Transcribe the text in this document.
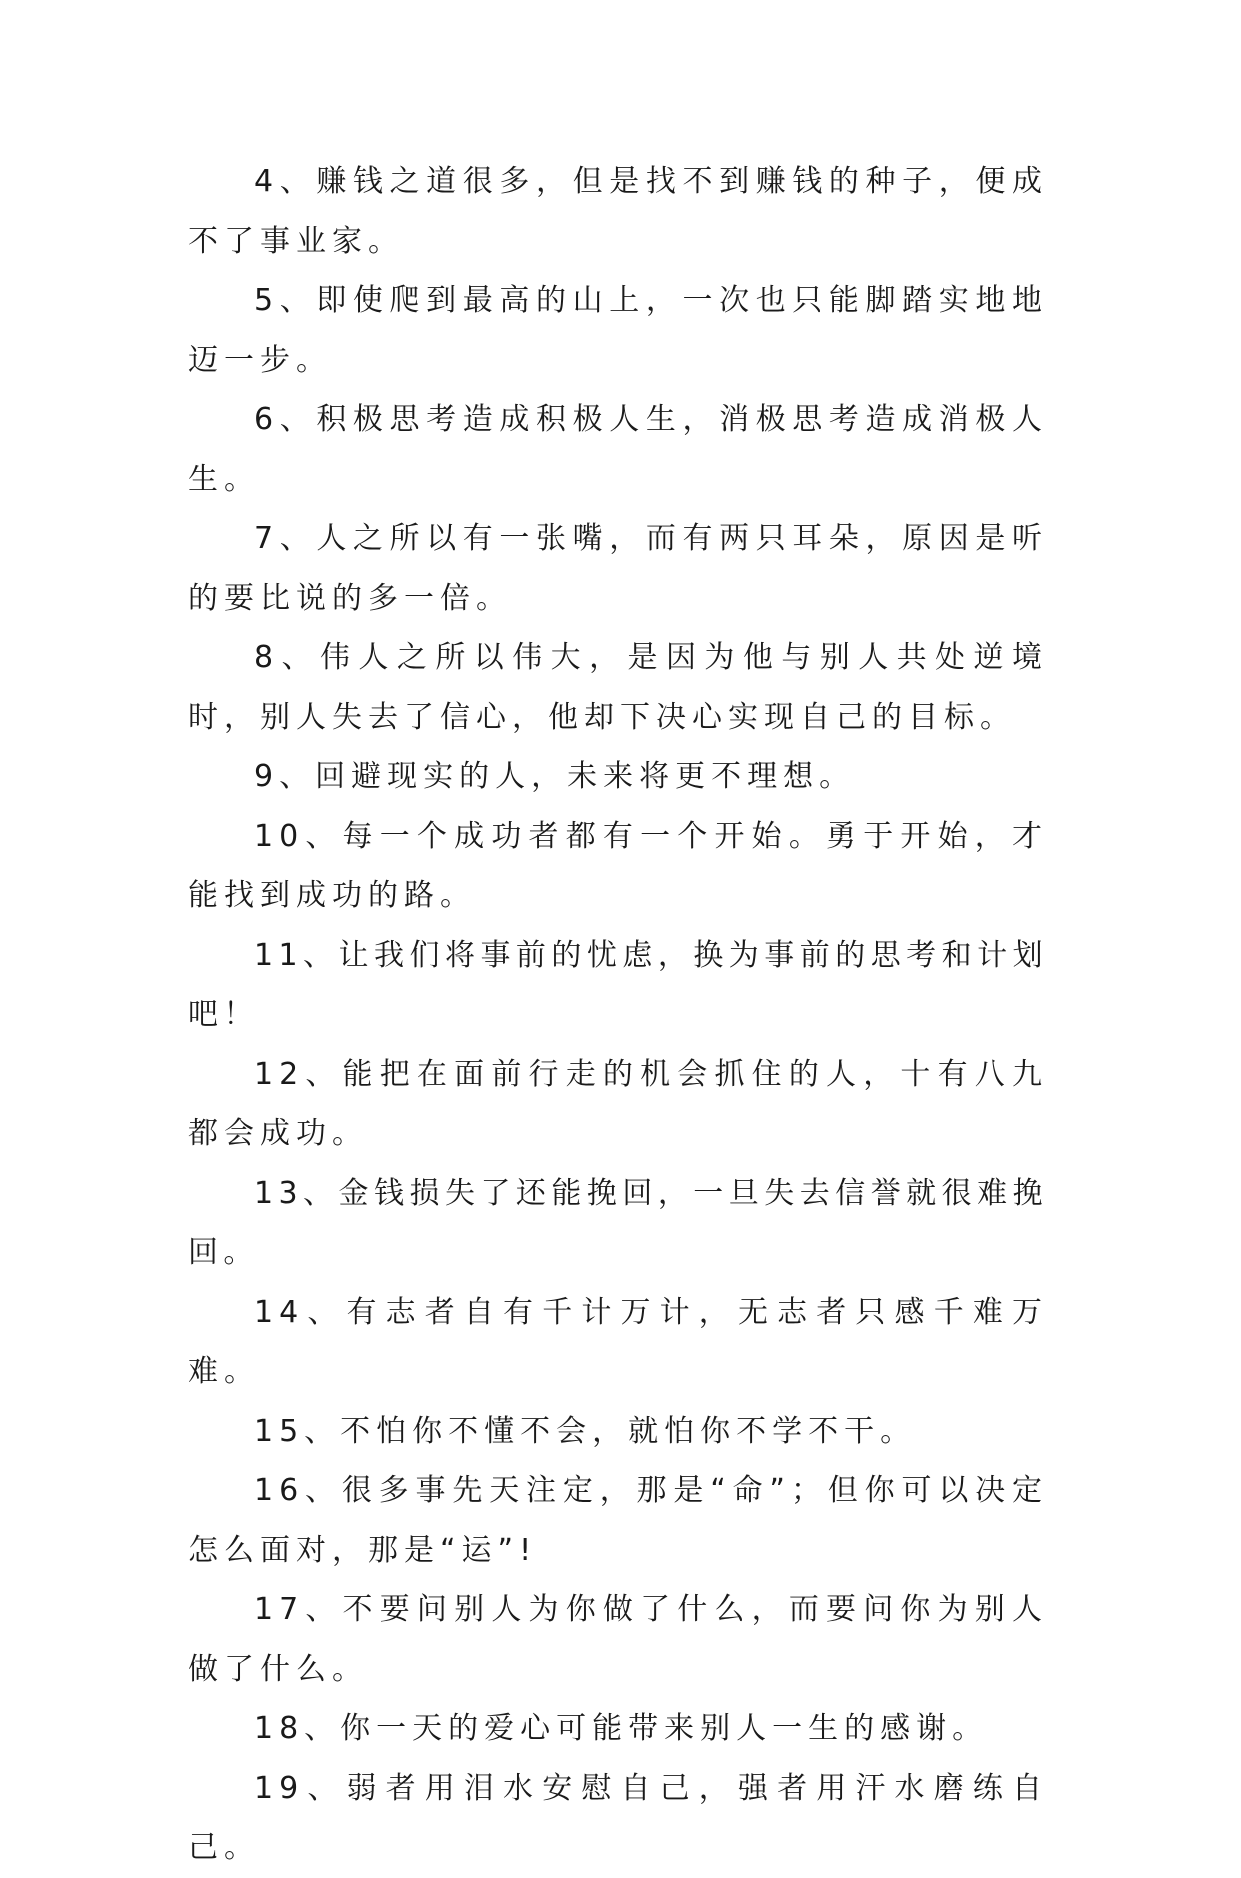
4、赚钱之道很多，但是找不到赚钱的种子，便成不了事业家。

5、即使爬到最高的山上，一次也只能脚踏实地地迈一步。

6、积极思考造成积极人生，消极思考造成消极人生。

7、人之所以有一张嘴，而有两只耳朵，原因是听的要比说的多一倍。

8、伟人之所以伟大，是因为他与别人共处逆境时，别人失去了信心，他却下决心实现自己的目标。

9、回避现实的人，未来将更不理想。

10、每一个成功者都有一个开始。勇于开始，才能找到成功的路。

11、让我们将事前的忧虑，换为事前的思考和计划吧！

12、能把在面前行走的机会抓住的人，十有八九都会成功。

13、金钱损失了还能挽回，一旦失去信誉就很难挽回。

14、有志者自有千计万计，无志者只感千难万难。

15、不怕你不懂不会，就怕你不学不干。

16、很多事先天注定，那是“命”；但你可以决定怎么面对，那是“运”!

17、不要问别人为你做了什么，而要问你为别人做了什么。

18、你一天的爱心可能带来别人一生的感谢。

19、弱者用泪水安慰自己，强者用汗水磨练自己。
